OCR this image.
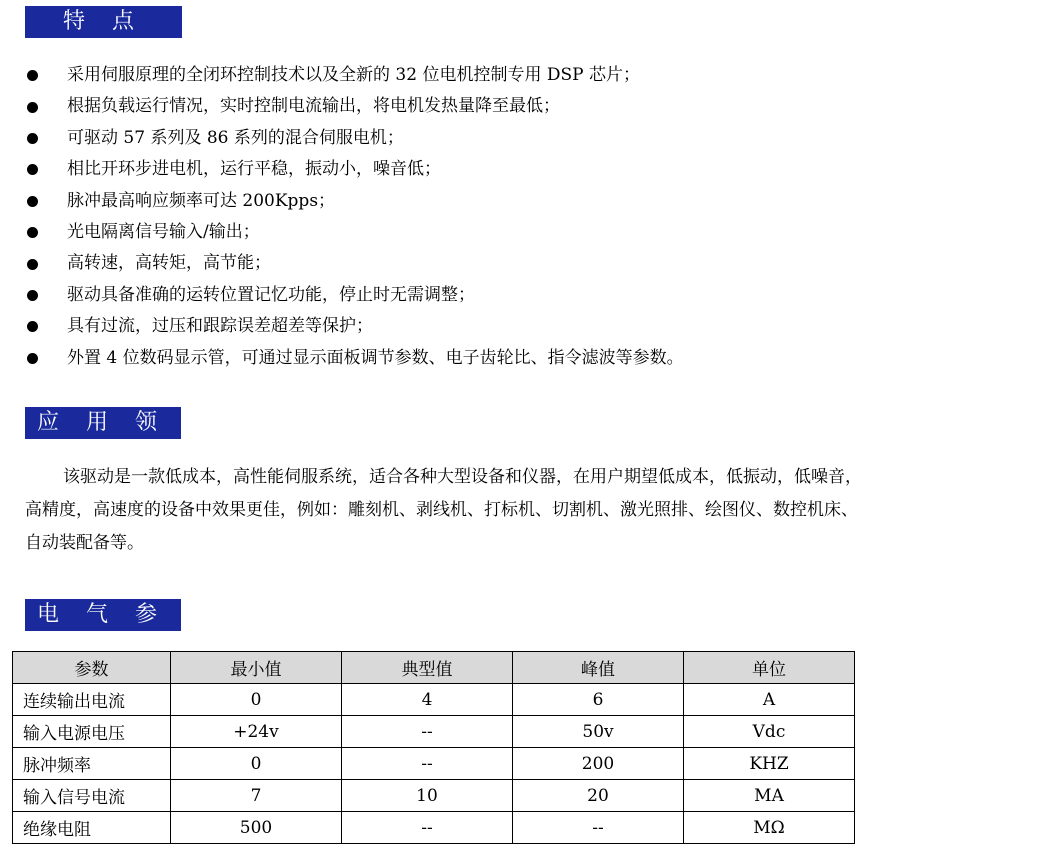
特 点
采用伺服原理的全闭环控制技术以及全新的 32 位电机控制专用 DSP 芯片；
根据负载运行情况，实时控制电流输出，将电机发热量降至最低；
可驱动 57 系列及 86 系列的混合伺服电机；
相比开环步进电机，运行平稳，振动小，噪音低；
脉冲最高响应频率可达 200Kpps；
光电隔离信号输入/输出；
高转速，高转矩，高节能；
驱动具备准确的运转位置记忆功能，停止时无需调整；
具有过流，过压和跟踪误差超差等保护；
外置 4 位数码显示管，可通过显示面板调节参数、电子齿轮比、指令滤波等参数。
应 用 领 域
该驱动是一款低成本，高性能伺服系统，适合各种大型设备和仪器，在用户期望低成本，低振动，低噪音，
高精度，高速度的设备中效果更佳，例如：雕刻机、剥线机、打标机、切割机、激光照排、绘图仪、数控机床、
自动装配备等。
电 气 参 数
参数	最小值	典型值	峰值	单位
连续输出电流	0	4	6	A
输入电源电压	+24v	--	50v	Vdc
脉冲频率	0	--	200	KHZ
输入信号电流	7	10	20	MA
绝缘电阻	500	--	--	MΩ
